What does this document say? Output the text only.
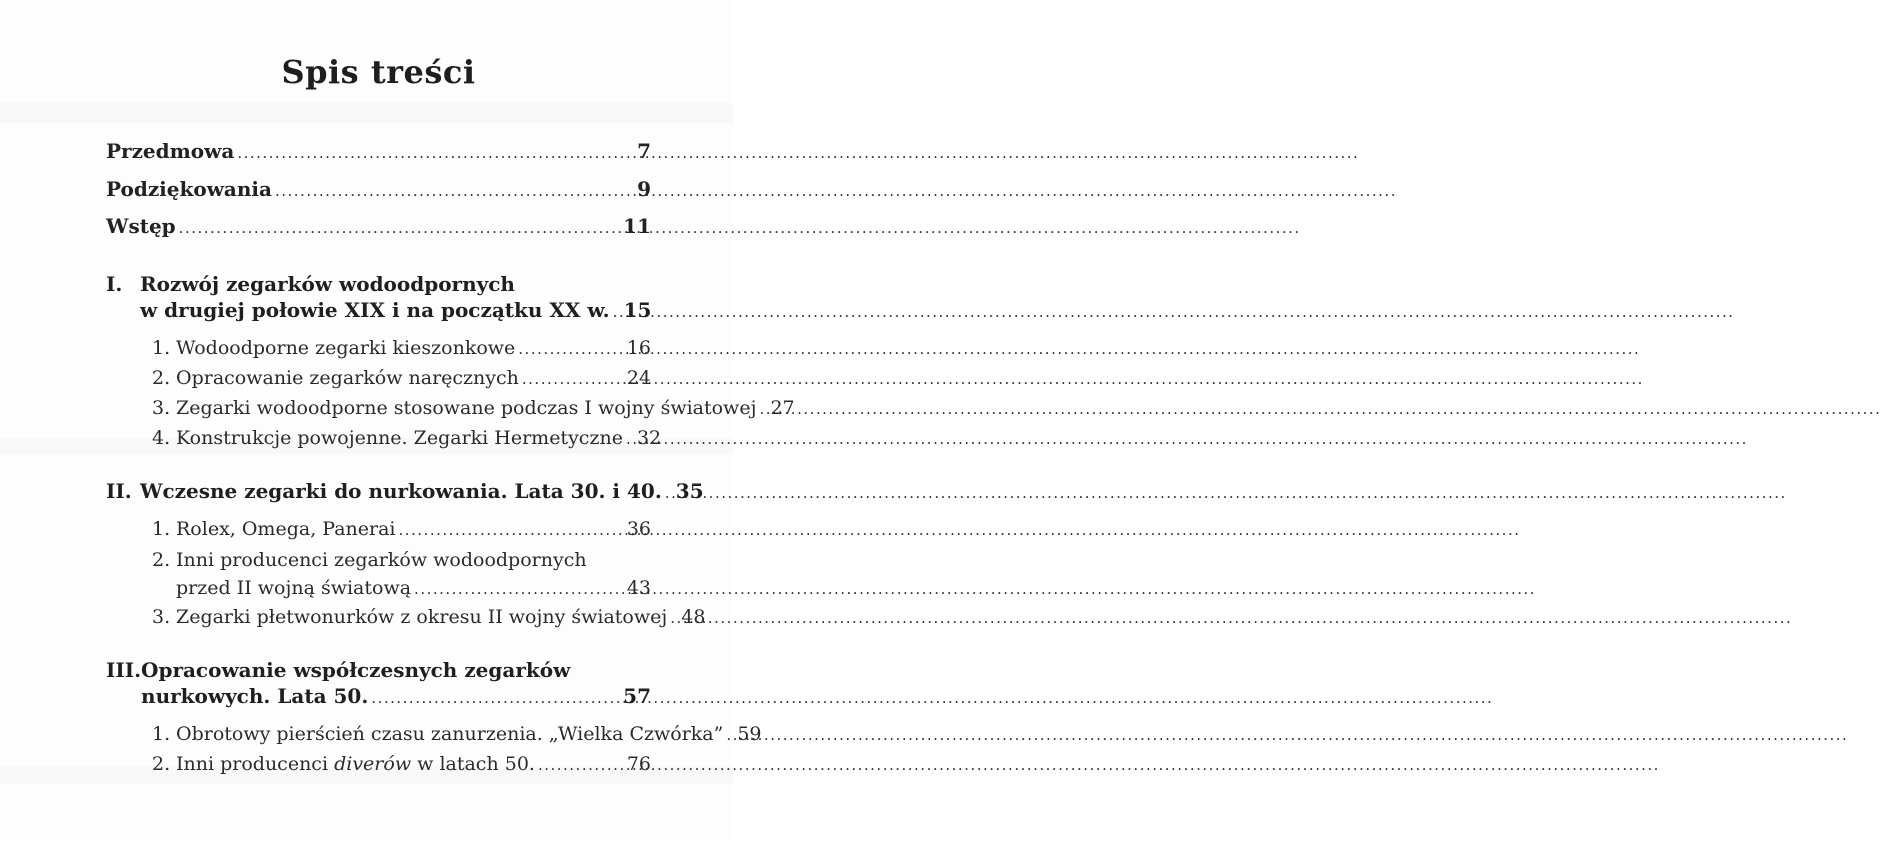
Spis treści
Przedmowa .....	7
Podziękowania .....	9
Wstęp .....	11
I. Rozwój zegarków wodoodpornych
w drugiej połowie XIX i na początku XX w. ..... 15
1. Wodoodporne zegarki kieszonkowe .....	16
2. Opracowanie zegarków naręcznych .....	24
3. Zegarki wodoodporne stosowane podczas I wojny światowej ..... 27
4. Konstrukcje powojenne. Zegarki Hermetyczne ..... 32
II. Wczesne zegarki do nurkowania. Lata 30. i 40. ..... 35
1. Rolex, Omega, Panerai .....	36
2. Inni producenci zegarków wodoodpornych
przed II wojną światową .....	43
3. Zegarki płetwonurków z okresu II wojny światowej ..... 48
III. Opracowanie współczesnych zegarków
nurkowych. Lata 50. .....	57
1. Obrotowy pierścień czasu zanurzenia. „Wielka Czwórka” ..... 59
2. Inni producenci diverów w latach 50. .....	76
